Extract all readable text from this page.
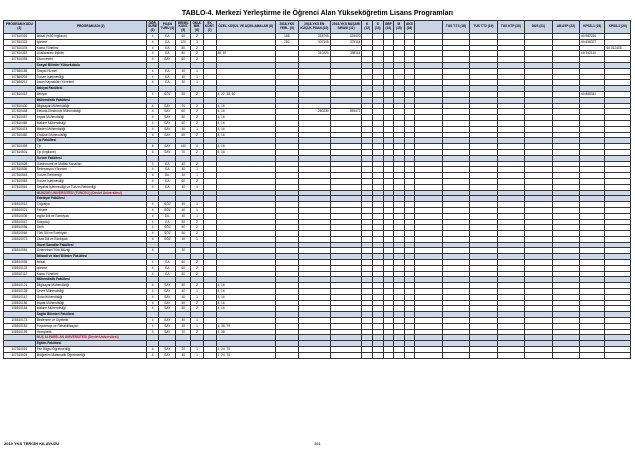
TABLO-4. Merkezi Yerleştirme ile Öğrenci Alan Yükseköğretim Lisans Programları
PROGRAM KODU (1)	PROGRAM ADI (2)	ÖĞR. SÜRE (3)	PUAN TÜRÜ (4)	GENEL KONT. (5)	OKUL BİR. (6)	EK KONT. (7)	ÖZEL KOŞUL VE AÇIKLAMALAR (8)	2018-YKS YERL. (9)	2018-YKS EN KÜÇÜK PUAN (10)	2018-YKS BAŞARI SIRASI (11)	K (12)	S (13)	OBP (14)	M (15)	AKS (16)		TUS T.T1 (18)	TUS T.T2 (19)	TUS KTP (20)	DUS (21)	AB AYP (22)	KPSS-1 (23)	KPSS-2 (24)
107810316	İktisat (%50 İngilizce)	4	EA	60	2			158	318745	325470												60.987254	
107810323	İşletme	4	EA	120	3			250	307145	375114												60.658327	
107810378	Kamu Yönetimi	4	EA	80	2																		60.512405
107810387	Uluslararası İlişkiler	4	EA	80	2		38, 87		310220	398114												60.342110	
107810395	Ekonometri	4	SAY	60	2																		
	Sosyal Bilimler Yüksekokulu																						
107860189	Sosyal Hizmet	4	EA	30	1																		
107860203	Turizm İşletmeciliği	4	EA	40	1																		
107860211	İnsan Kaynakları Yönetimi	4	EA	30	1																		
	İlahiyat Fakültesi																						
107810412	İlahiyat	4	SÖZ	55	2		4, 22, 38, 80															60.888341	
	Mühendislik Fakültesi																						
107810430	Bilgisayar Mühendisliği	4	SAY	70	2		4, 16																
107810448	Elektrik-Elektronik Mühendisliği	4	SAY	60	2		4, 16		260230	395472													
107810457	İnşaat Mühendisliği	4	SAY	80	2		4, 16																
107810465	Makine Mühendisliği	4	SAY	60	2		4, 16																
107810474	Maden Mühendisliği	4	SAY	40	1		4, 16																
107810482	Endüstri Mühendisliği	4	SAY	60	2		4, 16																
	Tıp Fakültesi																						
107810493	Tıp	6	SAY	140	4		4, 16																
107810501	Tıp (İngilizce)	6	SAY	70	2		4, 16																
	Turizm Fakültesi																						
107810528	Gastronomi ve Mutfak Sanatları	4	EA	45	2																		
107810536	Rekreasyon Yönetimi	4	EA	40	1																		
107810544	Turizm Rehberliği	4	DİL	30	1																		
107810553	Turizm İşletmeciliği	4	EA	60	2																		
107810561	Seyahat İşletmeciliği ve Turizm Rehberliği	4	EA	40	1																		
	MUNZUR ÜNİVERSİTESİ (TUNCELİ) (Devlet Üniversitesi)																						
	Edebiyat Fakültesi																						
108510012	Coğrafya	4	SÖZ	40	1																		
108510021	Felsefe	4	SÖZ	40	1																		
108510039	İngiliz Dili ve Edebiyatı	4	DİL	40	1																		
108510047	Sosyoloji	4	EA	50	2																		
108510056	Tarih	4	SÖZ	50	2																		
108510064	Türk Dili ve Edebiyatı	4	SÖZ	50	2																		
108510073	Zaza Dili ve Edebiyatı	4	SÖZ	30	1																		
	Güzel Sanatlar Fakültesi																						
108510081	Geleneksel Türk Müziği	4		30																			
	İktisadi ve İdari Bilimler Fakültesi																						
108510095	İktisat	4	EA	60	2																		
108510103	İşletme	4	EA	60	2																		
108510112	Kamu Yönetimi	4	EA	60	2																		
	Mühendislik Fakültesi																						
108510121	Bilgisayar Mühendisliği	4	SAY	50	2		4, 16																
108510139	Çevre Mühendisliği	4	SAY	40	1		4, 16																
108510147	Gıda Mühendisliği	4	SAY	40	1		4, 16																
108510156	İnşaat Mühendisliği	4	SAY	50	2		4, 16																
108510164	Makine Mühendisliği	4	SAY	50	2		4, 16																
	Sağlık Bilimleri Fakültesi																						
108510173	Beslenme ve Diyetetik	4	SAY	40	1																		
108510181	Fizyoterapi ve Rehabilitasyon	4	SAY	40	1		4, 38, 79																
108510199	Hemşirelik	4	SAY	70	2		4, 38																
	MUŞ ALPARSLAN ÜNİVERSİTESİ (Devlet Üniversitesi)																						
	Eğitim Fakültesi																						
107310016	Fen Bilgisi Öğretmenliği	4	SAY	20	1		1, 24, 75																
107310024	İlköğretim Matematik Öğretmenliği	4	SAY	40	1		1, 24, 75																
2019 YKS TERCİH KILAVUZU	361
